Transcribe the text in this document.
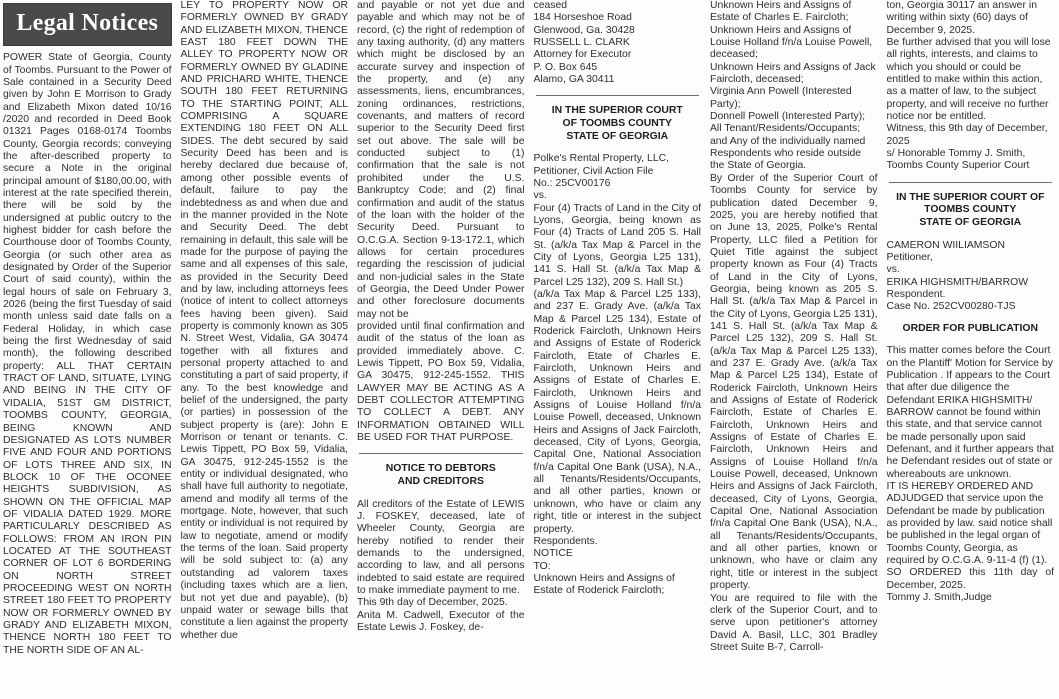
Legal Notices

POWER State of Georgia, County of Toombs. Pursuant to the Power of Sale contained in a Security Deed given by John E Morrison to Grady and Elizabeth Mixon dated 10/16 /2020 and recorded in Deed Book 01321 Pages 0168-0174 Toombs County, Georgia records; conveying the after-described property to secure a Note in the original principal amount of $180,00.00, with interest at the rate specified therein, there will be sold by the undersigned at public outcry to the highest bidder for cash before the Courthouse door of Toombs County, Georgia (or such other area as designated by Order of the Superior Court of said county), within the legal hours of sale on February 3, 2026 (being the first Tuesday of said month unless said date falls on a Federal Holiday, in which case being the first Wednesday of said month), the following described property: ALL THAT CERTAIN TRACT OF LAND, SITUATE, LYING AND BEING IN THE CITY OF VIDALIA, 51ST GM DISTRICT, TOOMBS COUNTY, GEORGIA, BEING KNOWN AND DESIGNATED AS LOTS NUMBER FIVE AND FOUR AND PORTIONS OF LOTS THREE AND SIX, IN BLOCK 10 OF THE OCONEE HEIGHTS SUBDIVISION, AS SHOWN ON THE OFFICIAL MAP OF VIDALIA DATED 1929. MORE PARTICULARLY DESCRIBED AS FOLLOWS: FROM AN IRON PIN LOCATED AT THE SOUTHEAST CORNER OF LOT 6 BORDERING ON NORTH STREET PROCEEDING WEST ON NORTH STREET 180 FEET TO PROPERTY NOW OR FORMERLY OWNED BY GRADY AND ELIZABETH MIXON, THENCE NORTH 180 FEET TO THE NORTH SIDE OF AN AL-

LEY TO PROPERTY NOW OR FORMERLY OWNED BY GRADY AND ELIZABETH MIXON, THENCE EAST 180 FEET DOWN THE ALLEY TO PROPERTY NOW OR FORMERLY OWNED BY GLADINE AND PRICHARD WHITE, THENCE SOUTH 180 FEET RETURNING TO THE STARTING POINT, ALL COMPRISING A SQUARE EXTENDING 180 FEET ON ALL SIDES. The debt secured by said Security Deed has been and is hereby declared due because of, among other possible events of default, failure to pay the indebtedness as and when due and in the manner provided in the Note and Security Deed. The debt remaining in default, this sale will be made for the purpose of paying the same and all expenses of this sale, as provided in the Security Deed and by law, including attorneys fees (notice of intent to collect attorneys fees having been given). Said property is commonly known as 305 N. Street West, Vidalia, GA 30474 together with all fixtures and personal property attached to and constituting a part of said property, if any. To the best knowledge and belief of the undersigned, the party (or parties) in possession of the subject property is (are): John E Morrison or tenant or tenants. C. Lewis Tippett, PO Box 59, Vidalia, GA 30475, 912-245-1552 is the entity or individual designated, who shall have full authority to negotiate, amend and modify all terms of the mortgage. Note, however, that such entity or individual is not required by law to negotiate, amend or modify the terms of the loan. Said property will be sold subject to: (a) any outstanding ad valorem taxes (including taxes which are a lien, but not yet due and payable), (b) unpaid water or sewage bills that constitute a lien against the property whether due

and payable or not yet due and payable and which may not be of record, (c) the right of redemption of any taxing authority, (d) any matters which might be disclosed by an accurate survey and inspection of the property, and (e) any assessments, liens, encumbrances, zoning ordinances, restrictions, covenants, and matters of record superior to the Security Deed first set out above. The sale will be conducted subject to (1) confirmation that the sale is not prohibited under the U.S. Bankruptcy Code; and (2) final confirmation and audit of the status of the loan with the holder of the Security Deed. Pursuant to O.C.G.A. Section 9-13-172.1, which allows for certain procedures regarding the rescission of judicial and non-judicial sales in the State of Georgia, the Deed Under Power and other foreclosure documents may not be

provided until final confirmation and audit of the status of the loan as provided immediately above. C. Lewis Tippett, PO Box 59, Vidalia, GA 30475, 912-245-1552. THIS LAWYER MAY BE ACTING AS A DEBT COLLECTOR ATTEMPTING TO COLLECT A DEBT. ANY INFORMATION OBTAINED WILL BE USED FOR THAT PURPOSE.

NOTICE TO DEBTORS
AND CREDITORS

All creditors of the Estate of LEWIS J. FOSKEY, deceased, late of Wheeler County, Georgia are hereby notified to render their demands to the undersigned, according to law, and all persons indebted to said estate are required to make immediate payment to me.

This 9th day of December, 2025.

Anita M. Cadwell, Executor of the Estate Lewis J. Foskey, de-

ceased
184 Horseshoe Road
Glenwood, Ga. 30428

RUSSELL L. CLARK
Attorney for Executor
P. O. Box 645
Alamo, GA 30411

IN THE SUPERIOR COURT
OF TOOMBS COUNTY
STATE OF GEORGIA

Polke's Rental Property, LLC,

Petitioner, Civil Action File
No.: 25CV00176
vs.

Four (4) Tracts of Land in the City of Lyons, Georgia, being known as Four (4) Tracts of Land 205 S. Hall St. (a/k/a Tax Map & Parcel in the City of Lyons, Georgia L25 131), 141 S. Hall St. (a/k/a Tax Map & Parcel L25 132), 209 S. Hall St.)

(a/k/a Tax Map & Parcel L25 133), and 237 E. Grady Ave. (a/k/a Tax Map & Parcel L25 134), Estate of Roderick Faircloth, Unknown Heirs and Assigns of Estate of Roderick Faircloth, Etate of Charles E. Faircloth, Unknown Heirs and Assigns of Estate of Charles E. Faircloth, Unknown Heirs and Assigns of Louise Holland f/n/a Louise Powell, deceased, Unknown Heirs and Assigns of Jack Faircloth, deceased, City of Lyons, Georgia, Capital One, National Association f/n/a Capital One Bank (USA), N.A., all Tenants/Residents/Occupants, and all other parties, known or unknown, who have or claim any right, title or interest in the subject property.

Respondents.

NOTICE
TO:
Unknown Heirs and Assigns of Estate of Roderick Faircloth;

Unknown Heirs and Assigns of Estate of Charles E. Faircloth;
Unknown Heirs and Assigns of Louise Holland f/n/a Louise Powell, deceased;
Unknown Heirs and Assigns of Jack Faircloth, deceased;
Virginia Ann Powell (Interested Party);
Donnell Powell (Interested Party);
All Tenant/Residents/Occupants; and Any of the individually named Respondents who reside outside the State of Georgia.

By Order of the Superior Court of Toombs County for service by publication dated December 9, 2025, you are hereby notified that on June 13, 2025, Polke's Rental Property, LLC filed a Petition for Quiet Title against the subject property known as Four (4) Tracts of Land in the City of Lyons, Georgia, being known as 205 S. Hall St. (a/k/a Tax Map & Parcel in the City of Lyons, Georgia L25 131), 141 S. Hall St. (a/k/a Tax Map & Parcel L25 132), 209 S. Hall St. (a/k/a Tax Map & Parcel L25 133), and 237 E. Grady Ave. (a/k/a Tax Map & Parcel L25 134), Estate of Roderick Faircloth, Unknown Heirs and Assigns of Estate of Roderick Faircloth, Estate of Charles E. Faircloth, Unknown Heirs and Assigns of Estate of Charles E. Faircloth, Unknown Heirs and Assigns of Louise Holland f/n/a Louise Powell, deceased, Unknown Heirs and Assigns of Jack Faircloth, deceased, City of Lyons, Georgia, Capital One, National Association f/n/a Capital One Bank (USA), N.A., all Tenants/Residents/Occupants, and all other parties, known or unknown, who have or claim any right, title or interest in the subject property.

You are required to file with the clerk of the Superior Court, and to serve upon petitioner's attorney David A. Basil, LLC, 301 Bradley Street Suite B-7, Carroll-

ton, Georgia 30117 an answer in writing within sixty (60) days of December 9, 2025.
Be further advised that you will lose all rights, interests, and claims to which you should or could be entitled to make within this action, as a matter of law, to the subject property, and will receive no further notice nor be entitled.
Witness, this 9th day of December, 2025
s/ Honorable Tommy J. Smith, Toombs County Superior Court

IN THE SUPERIOR COURT OF
TOOMBS COUNTY
STATE OF GEORGIA

CAMERON WIILIAMSON
Petitioner,

vs.

ERIKA HIGHSMITH/BARROW
Respondent.

Case No. 252CV00280-TJS

ORDER FOR PUBLICATION

This matter comes before the Court on the Plantiff' Motion for Service by Publication . If appears to the Court that after due diligence the Defendant ERIKA HIGHSMITH/ BARROW cannot be found within this state, and that service cannot be made personally upon said Defenant, and it further appears that he Defendant resides out of state or whereabouts are unknown.
IT IS HEREBY ORDERED AND ADJUDGED that service upon the Defendant be made by publication as provided by law. said notice shall be published in the legal organ of Toombs County, Georgia, as required by O.C.G.A. 9-11-4 (f) (1).

SO ORDERED this 11th day of December, 2025.

Tommy J. Smith,Judge
